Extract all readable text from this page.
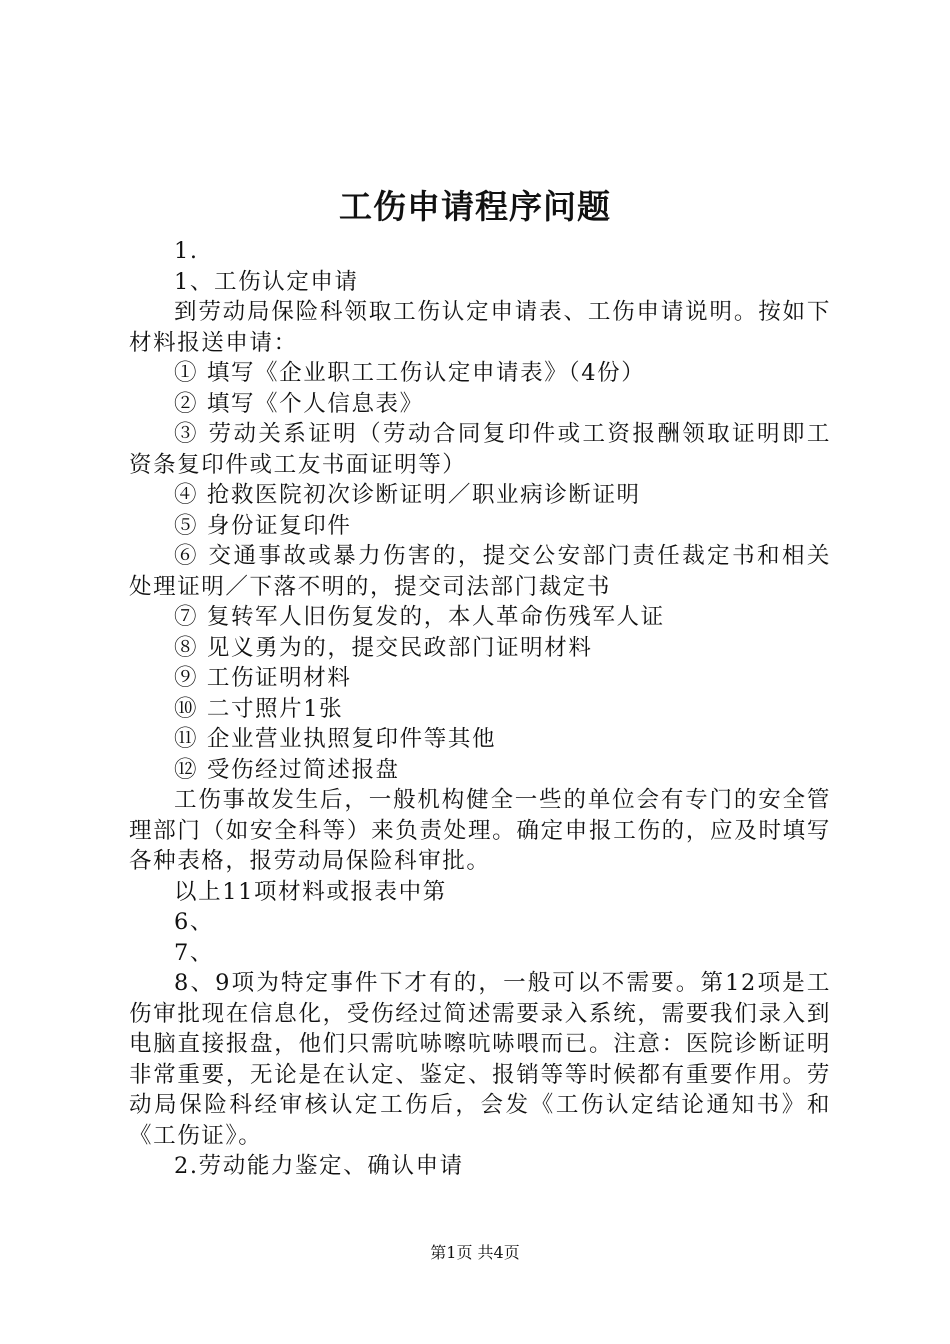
工伤申请程序问题

1.

1、工伤认定申请

到劳动局保险科领取工伤认定申请表、工伤申请说明。按如下材料报送申请：

① 填写《企业职工工伤认定申请表》（4份）

② 填写《个人信息表》

③ 劳动关系证明（劳动合同复印件或工资报酬领取证明即工资条复印件或工友书面证明等）

④ 抢救医院初次诊断证明／职业病诊断证明

⑤ 身份证复印件

⑥ 交通事故或暴力伤害的，提交公安部门责任裁定书和相关处理证明／下落不明的，提交司法部门裁定书

⑦ 复转军人旧伤复发的，本人革命伤残军人证

⑧ 见义勇为的，提交民政部门证明材料

⑨ 工伤证明材料

⑩ 二寸照片1张

⑪ 企业营业执照复印件等其他

⑫ 受伤经过简述报盘

工伤事故发生后，一般机构健全一些的单位会有专门的安全管理部门（如安全科等）来负责处理。确定申报工伤的，应及时填写各种表格，报劳动局保险科审批。

以上11项材料或报表中第

6、

7、

8、9项为特定事件下才有的，一般可以不需要。第12项是工伤审批现在信息化，受伤经过简述需要录入系统，需要我们录入到电脑直接报盘，他们只需吭哧嚓吭哧喂而已。注意：医院诊断证明非常重要，无论是在认定、鉴定、报销等等时候都有重要作用。劳动局保险科经审核认定工伤后，会发《工伤认定结论通知书》和《工伤证》。

2.劳动能力鉴定、确认申请

第1页 共4页
